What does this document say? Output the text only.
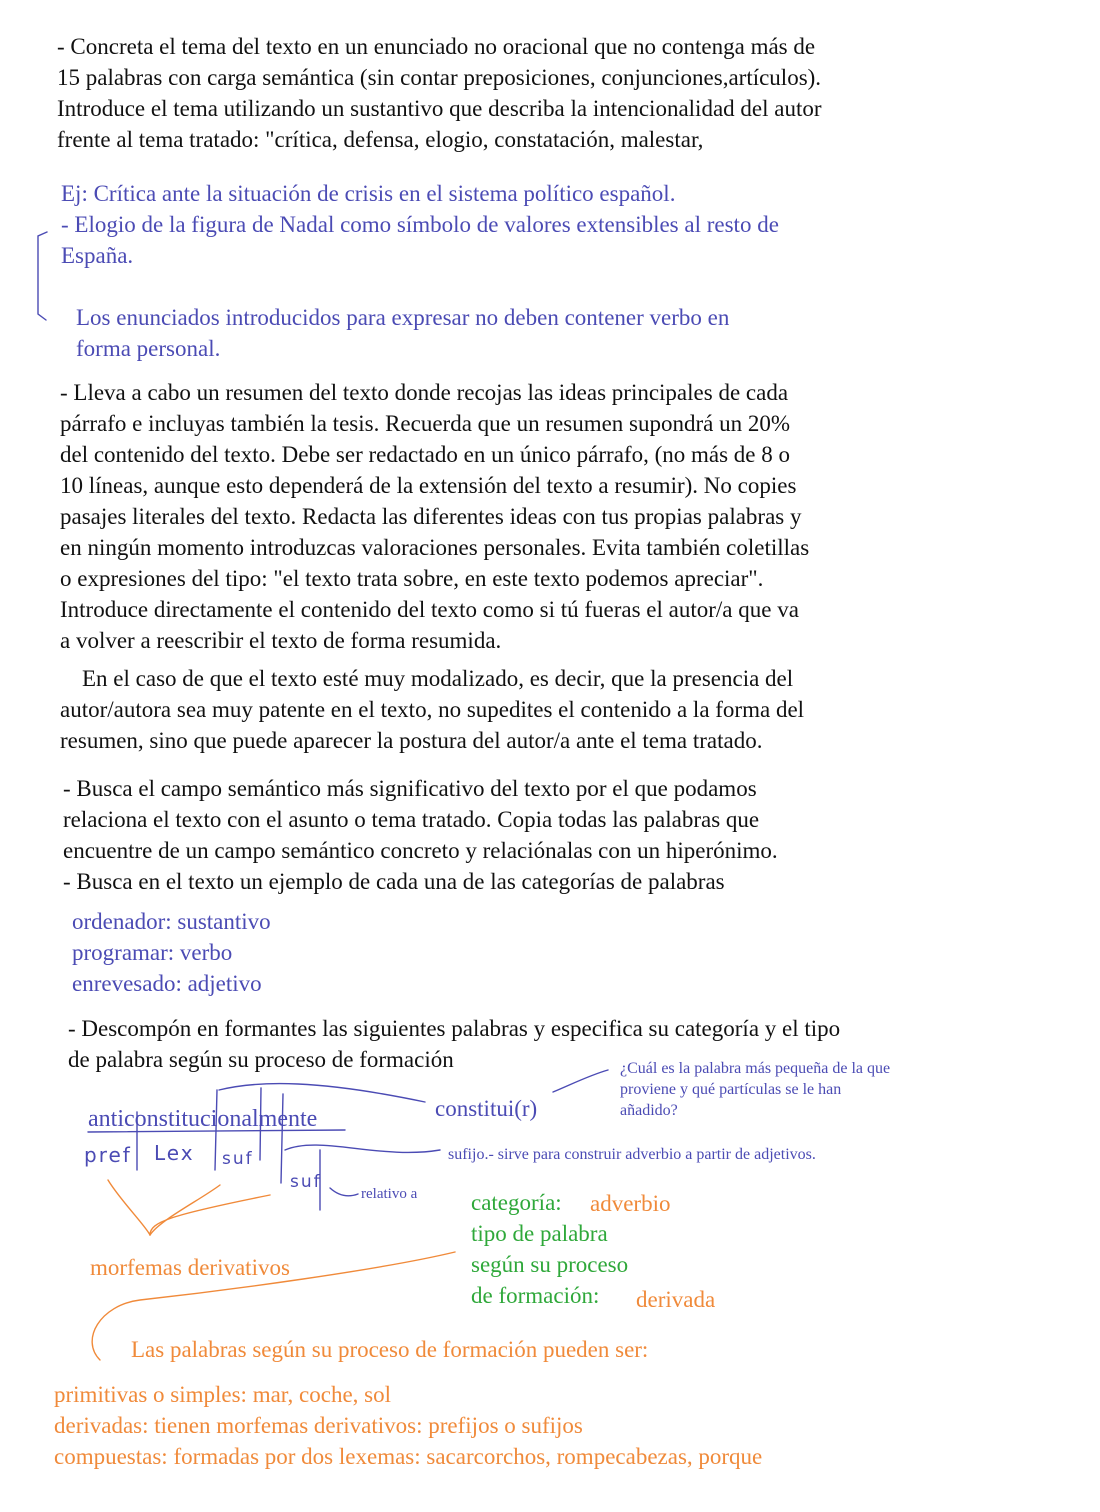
- Concreta el tema del texto en un enunciado no oracional que no contenga más de
15 palabras con carga semántica (sin contar preposiciones, conjunciones,artículos).
Introduce el tema utilizando un sustantivo que describa la intencionalidad del autor
frente al tema tratado: "crítica, defensa, elogio, constatación, malestar,
Ej: Crítica ante la situación de crisis en el sistema político español.
- Elogio de la figura de Nadal como símbolo de valores extensibles al resto de
España.
Los enunciados introducidos para expresar no deben contener verbo en
forma personal.
- Lleva a cabo un resumen del texto donde recojas las ideas principales de cada
párrafo e incluyas también la tesis. Recuerda que un resumen supondrá un 20%
del contenido del texto. Debe ser redactado en un único párrafo, (no más de 8 o
10 líneas, aunque esto dependerá de la extensión del texto a resumir). No copies
pasajes literales del texto. Redacta las diferentes ideas con tus propias palabras y
en ningún momento introduzcas valoraciones personales. Evita también coletillas
o expresiones del tipo: "el texto trata sobre, en este texto podemos apreciar".
Introduce directamente el contenido del texto como si tú fueras el autor/a que va
a volver a reescribir el texto de forma resumida.
En el caso de que el texto esté muy modalizado, es decir, que la presencia del
autor/autora sea muy patente en el texto, no supedites el contenido a la forma del
resumen, sino que puede aparecer la postura del autor/a ante el tema tratado.
- Busca el campo semántico más significativo del texto por el que podamos
relaciona el texto con el asunto o tema tratado. Copia todas las palabras que
encuentre de un campo semántico concreto y relaciónalas con un hiperónimo.
- Busca en el texto un ejemplo de cada una de las categorías de palabras
ordenador: sustantivo
programar: verbo
enrevesado: adjetivo
- Descompón en formantes las siguientes palabras y especifica su categoría y el tipo
de palabra según su proceso de formación
anticonstitucionalmente
pref Lex suf
suf
constitui(r)
¿Cuál es la palabra más pequeña de la que
proviene y qué partículas se le han
añadido?
sufijo.- sirve para construir adverbio a partir de adjetivos.
relativo a categoría: adverbio
tipo de palabra
según su proceso
de formación:	derivada
morfemas derivativos
Las palabras según su proceso de formación pueden ser:
primitivas o simples: mar, coche, sol
derivadas: tienen morfemas derivativos: prefijos o sufijos
compuestas: formadas por dos lexemas: sacarcorchos, rompecabezas, porque
